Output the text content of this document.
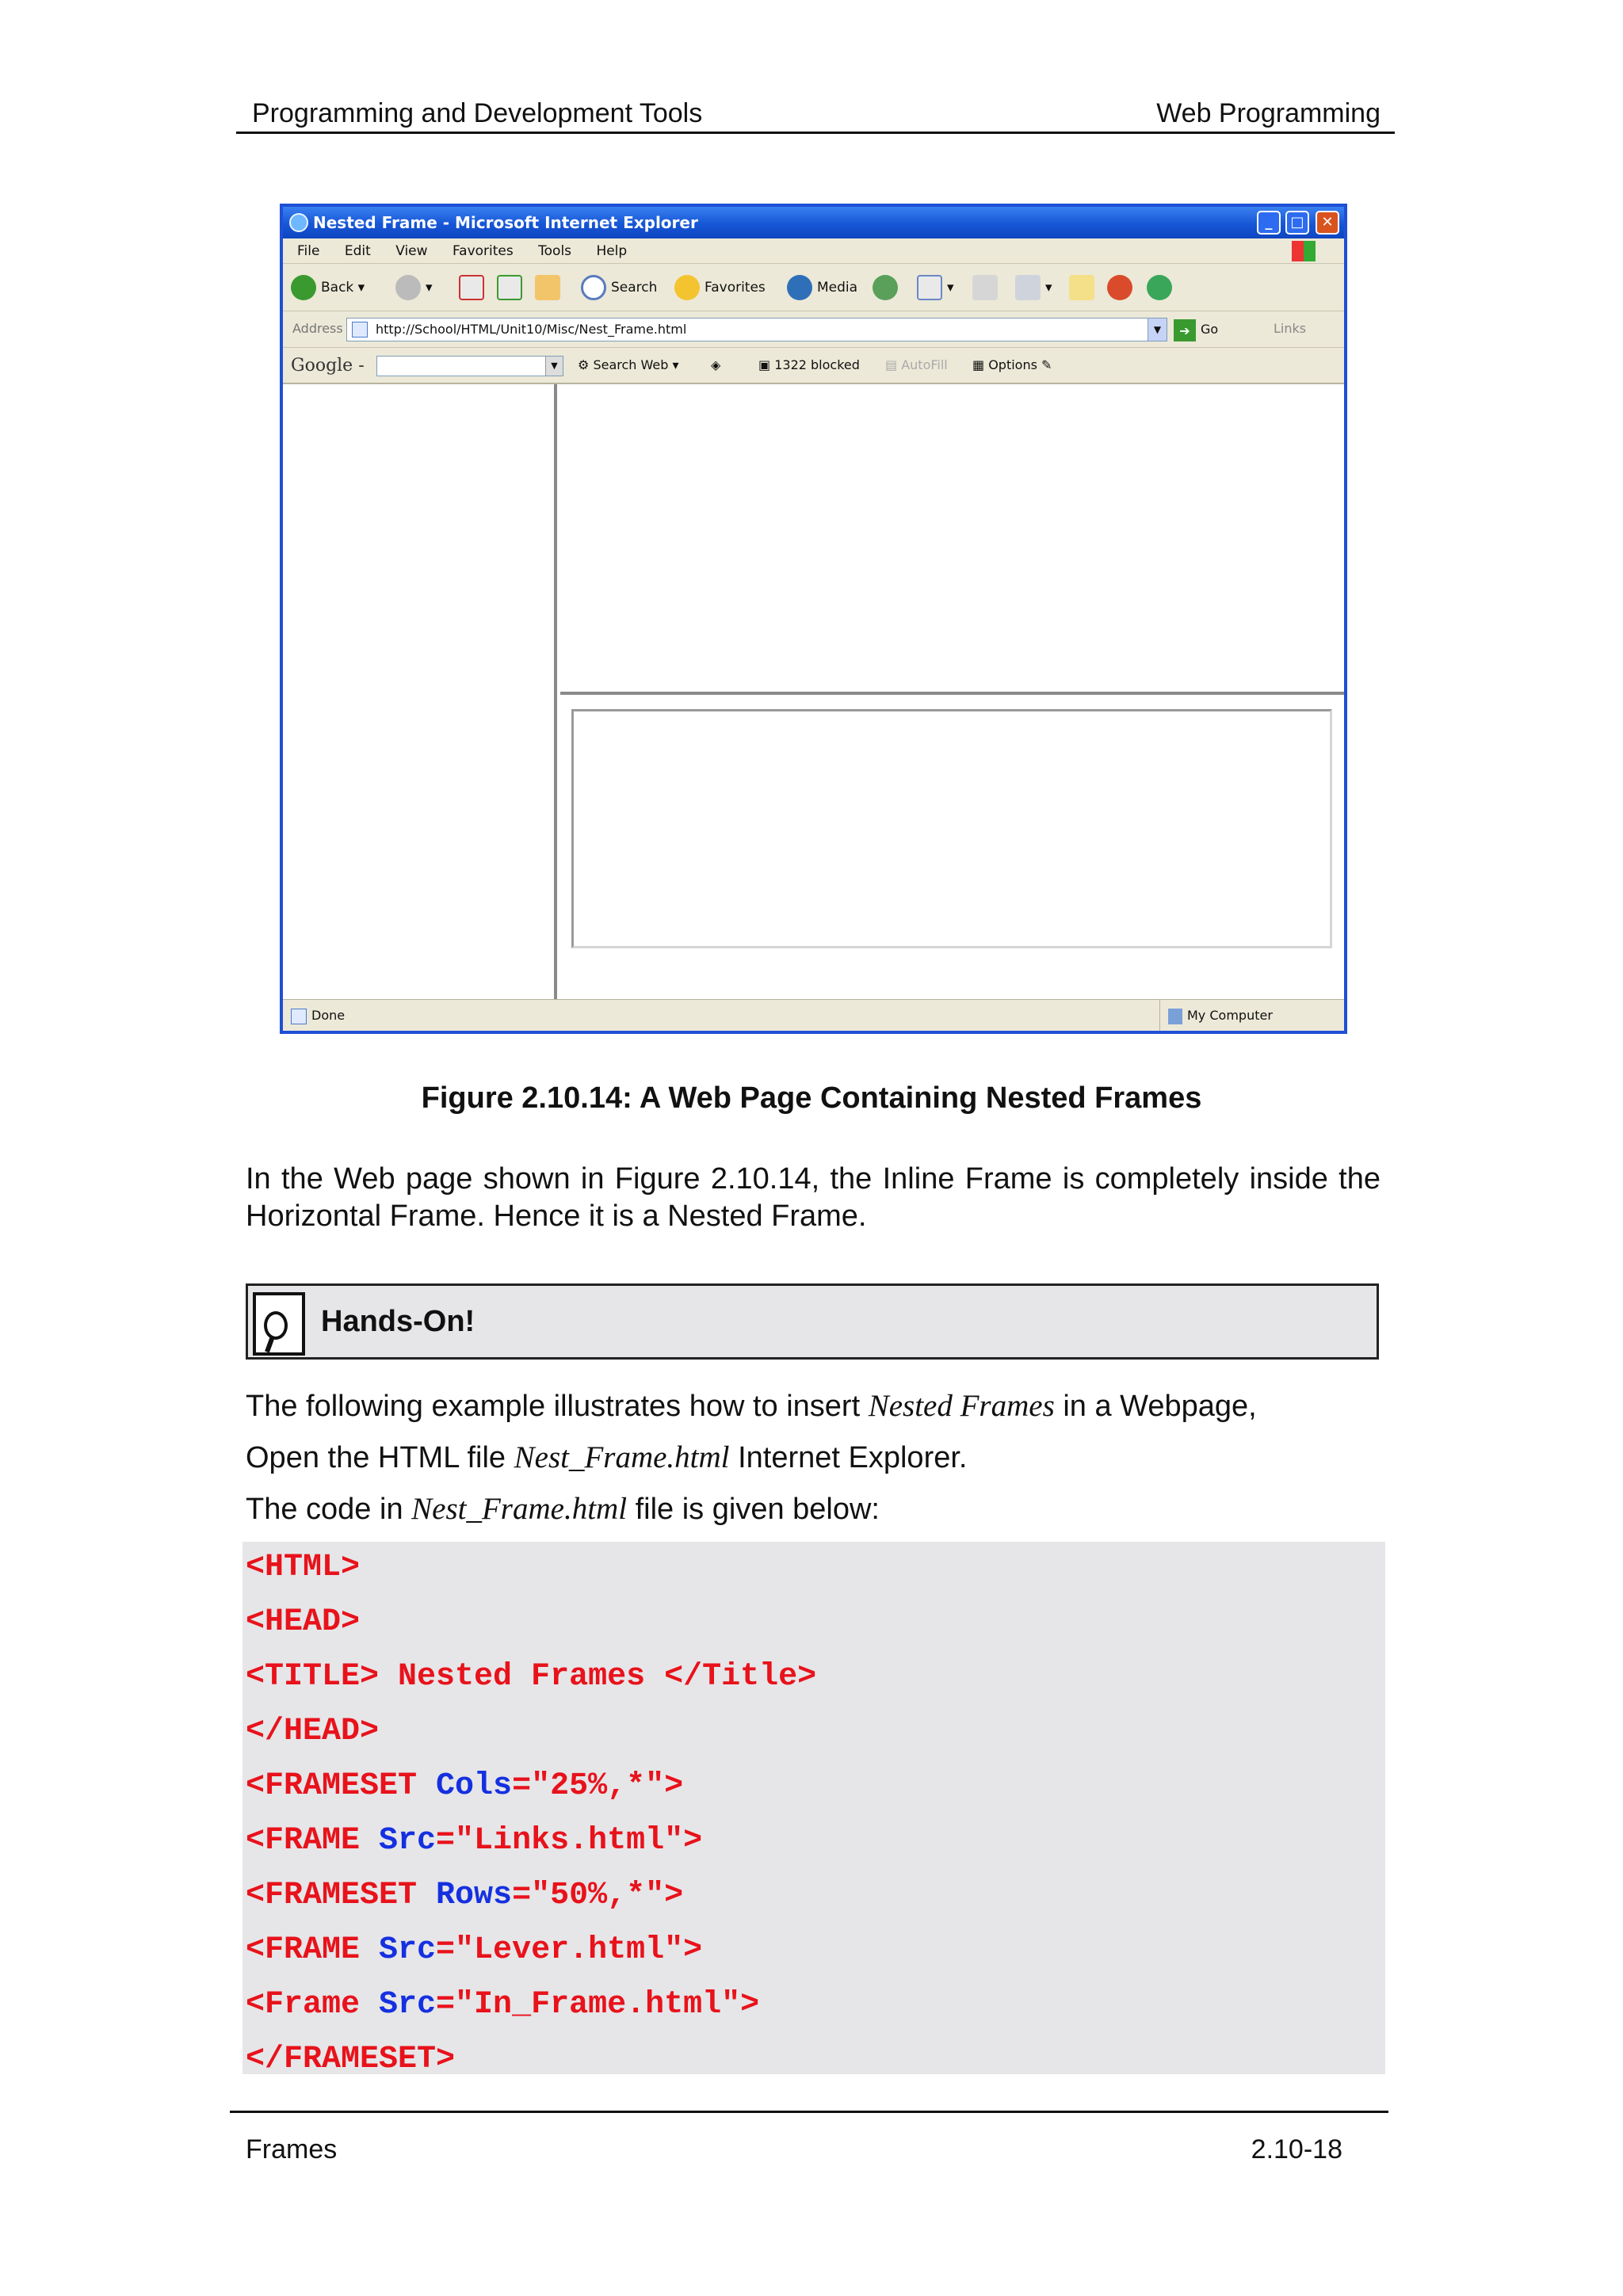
Programming and Development Tools	Web Programming
Nested Frame - Microsoft Internet Explorer	_	□	✕
File Edit View Favorites Tools Help
Back ▾	▾	Search	Favorites	Media	▾	▾
Address	http://School/HTML/Unit10/Misc/Nest_Frame.html	▼	➔ Go	Links
Google -	▼	⚙ Search Web ▾	◈	▣ 1322 blocked ▤ AutoFill ▦ Options ✎
Done	My Computer
Figure 2.10.14: A Web Page Containing Nested Frames
In the Web page shown in Figure 2.10.14, the Inline Frame is completely inside the Horizontal Frame. Hence it is a Nested Frame.
Hands-On!
The following example illustrates how to insert Nested Frames in a Webpage,
Open the HTML file Nest_Frame.html Internet Explorer.
The code in Nest_Frame.html file is given below:
<HTML>
<HEAD>
<TITLE> Nested Frames </Title>
</HEAD>
<FRAMESET Cols="25%,*">
<FRAME Src="Links.html">
<FRAMESET Rows="50%,*">
<FRAME Src="Lever.html">
<Frame Src="In_Frame.html">
</FRAMESET>
Frames	2.10-18
